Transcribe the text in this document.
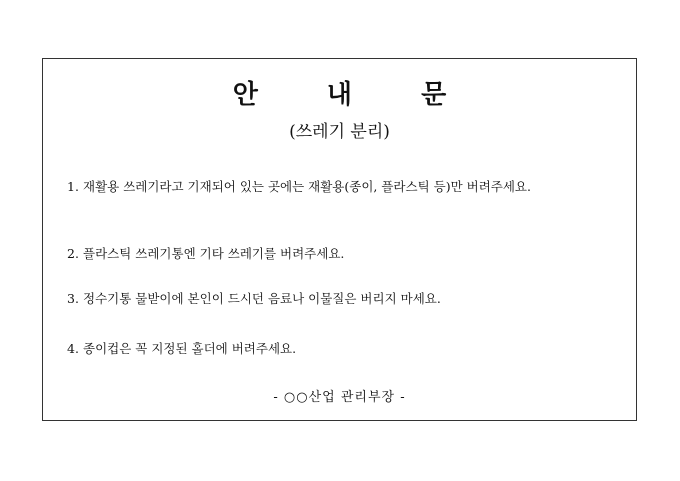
안 내 문
(쓰레기 분리)
1. 재활용 쓰레기라고 기재되어 있는 곳에는 재활용(종이, 플라스틱 등)만 버려주세요.
2. 플라스틱 쓰레기통엔 기타 쓰레기를 버려주세요.
3. 정수기통 물받이에 본인이 드시던 음료나 이물질은 버리지 마세요.
4. 종이컵은 꼭 지정된 홀더에 버려주세요.
- ○○산업 관리부장 -
